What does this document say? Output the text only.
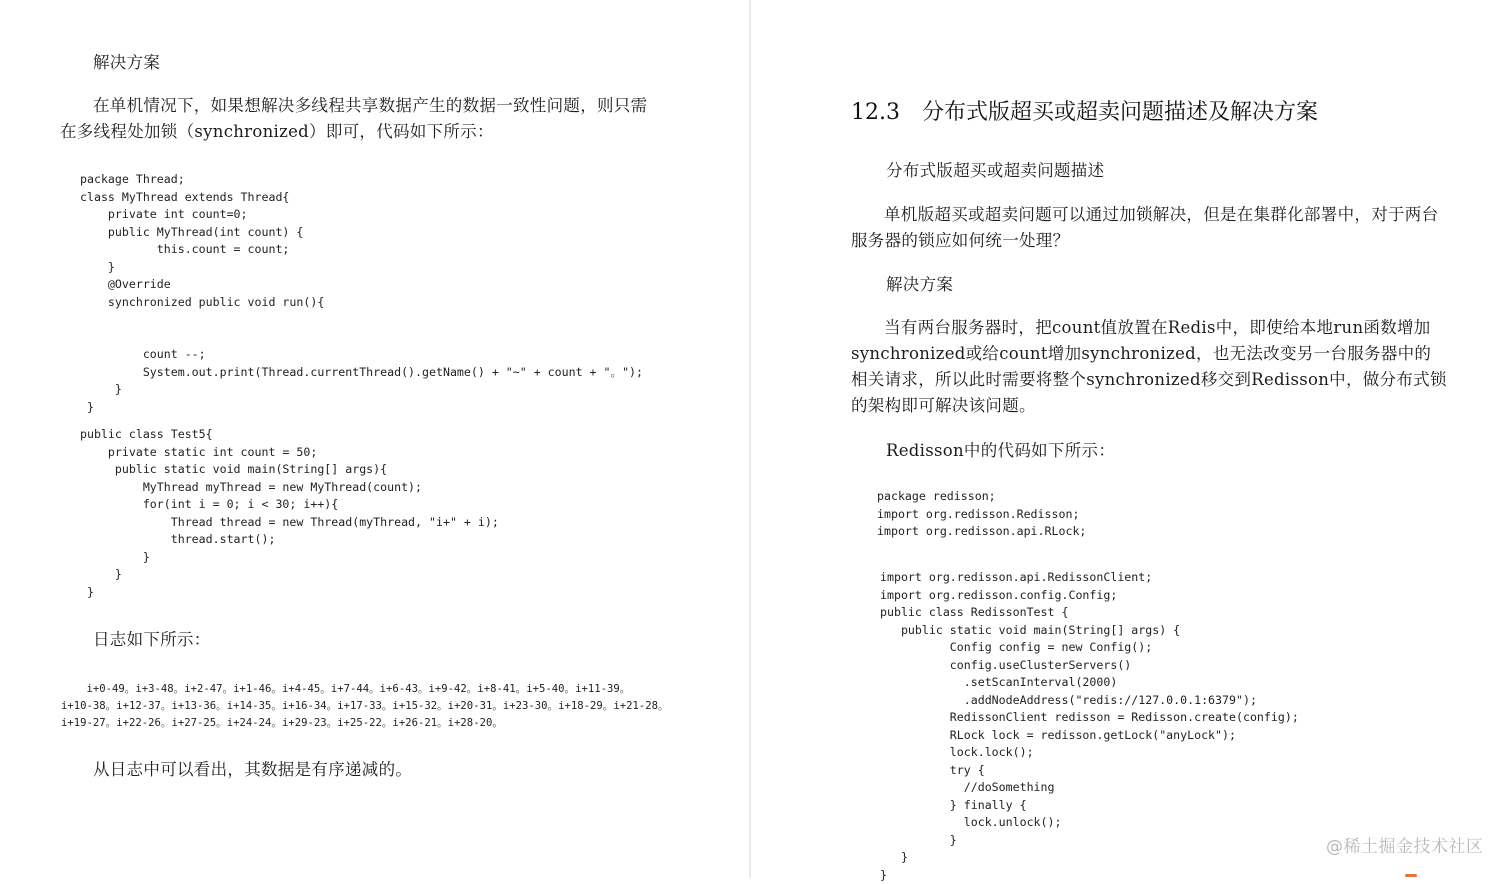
解决方案
在单机情况下，如果想解决多线程共享数据产生的数据一致性问题，则只需在多线程处加锁（synchronized）即可，代码如下所示：
package Thread;
class MyThread extends Thread{
private int count=0;
public MyThread(int count) {
this.count = count;
}
@Override
synchronized public void run(){

count --;
System.out.print(Thread.currentThread().getName() + "~" + count + "。");
}
}
public class Test5{
private static int count = 50;
public static void main(String[] args){
MyThread myThread = new MyThread(count);
for(int i = 0; i < 30; i++){
Thread thread = new Thread(myThread, "i+" + i);
thread.start();
}
}
}
日志如下所示：
i+0-49。i+3-48。i+2-47。i+1-46。i+4-45。i+7-44。i+6-43。i+9-42。i+8-41。i+5-40。i+11-39。
i+10-38。i+12-37。i+13-36。i+14-35。i+16-34。i+17-33。i+15-32。i+20-31。i+23-30。i+18-29。i+21-28。
i+19-27。i+22-26。i+27-25。i+24-24。i+29-23。i+25-22。i+26-21。i+28-20。
从日志中可以看出，其数据是有序递减的。
12.3 分布式版超买或超卖问题描述及解决方案
分布式版超买或超卖问题描述
单机版超买或超卖问题可以通过加锁解决，但是在集群化部署中，对于两台服务器的锁应如何统一处理？
解决方案
当有两台服务器时，把count值放置在Redis中，即使给本地run函数增加synchronized或给count增加synchronized，也无法改变另一台服务器中的相关请求，所以此时需要将整个synchronized移交到Redisson中，做分布式锁的架构即可解决该问题。
Redisson中的代码如下所示：
package redisson;
import org.redisson.Redisson;
import org.redisson.api.RLock;
import org.redisson.api.RedissonClient;
import org.redisson.config.Config;
public class RedissonTest {
public static void main(String[] args) {
Config config = new Config();
config.useClusterServers()
.setScanInterval(2000)
.addNodeAddress("redis://127.0.0.1:6379");
RedissonClient redisson = Redisson.create(config);
RLock lock = redisson.getLock("anyLock");
lock.lock();
try {
//doSomething
} finally {
lock.unlock();
}
}
}
@稀土掘金技术社区
